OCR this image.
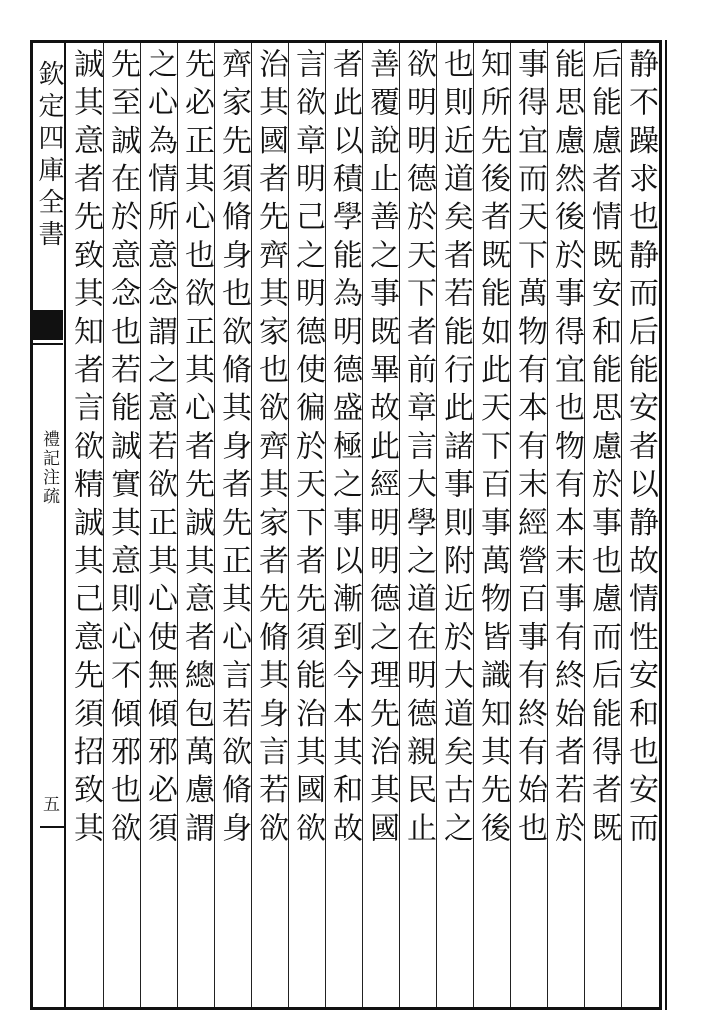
欽定四庫全書
禮記注疏
五	静不躁求也静而后能安者以静故情性安和也安而
后能慮者情既安和能思慮於事也慮而后能得者既
能思慮然後於事得宜也物有本末事有終始者若於
事得宜而天下萬物有本有末經營百事有終有始也
知所先後者既能如此天下百事萬物皆識知其先後
也則近道矣者若能行此諸事則附近於大道矣古之
欲明明德於天下者前章言大學之道在明德親民止
善覆說止善之事既畢故此經明明德之理先治其國
者此以積學能為明德盛極之事以漸到今本其和故
言欲章明己之明德使徧於天下者先須能治其國欲
治其國者先齊其家也欲齊其家者先脩其身言若欲
齊家先須脩身也欲脩其身者先正其心言若欲脩身
先必正其心也欲正其心者先誠其意者總包萬慮謂
之心為情所意念謂之意若欲正其心使無傾邪必須
先至誠在於意念也若能誠實其意則心不傾邪也欲
誠其意者先致其知者言欲精誠其己意先須招致其
